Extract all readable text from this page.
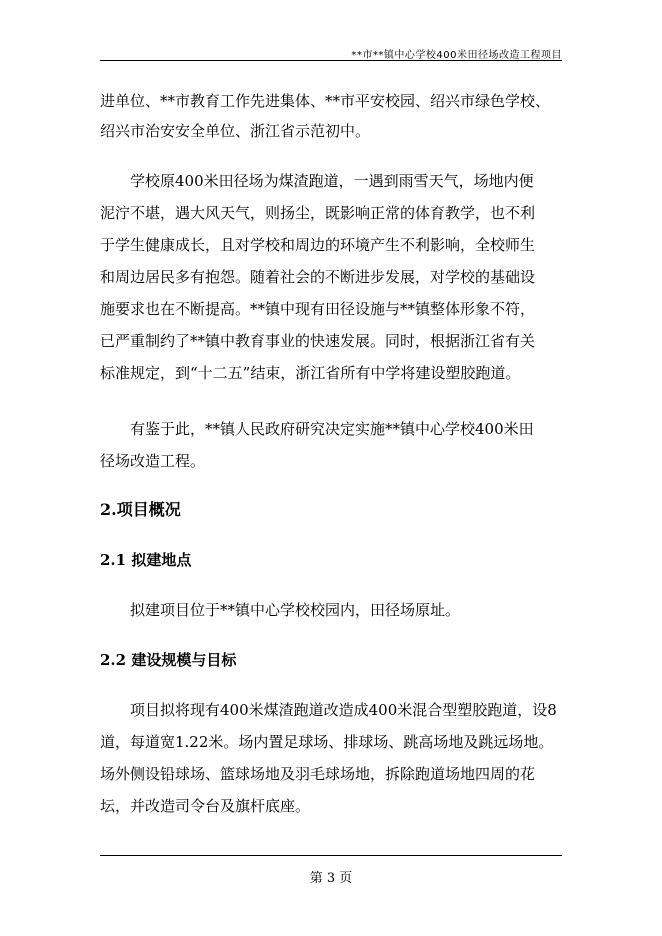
**市**镇中心学校400米田径场改造工程项目
进单位、**市教育工作先进集体、**市平安校园、绍兴市绿色学校、
绍兴市治安安全单位、浙江省示范初中。
学校原400米田径场为煤渣跑道，一遇到雨雪天气，场地内便
泥泞不堪，遇大风天气，则扬尘，既影响正常的体育教学，也不利
于学生健康成长，且对学校和周边的环境产生不利影响，全校师生
和周边居民多有抱怨。随着社会的不断进步发展，对学校的基础设
施要求也在不断提高。**镇中现有田径设施与**镇整体形象不符，
已严重制约了**镇中教育事业的快速发展。同时，根据浙江省有关
标准规定，到“十二五”结束，浙江省所有中学将建设塑胶跑道。
有鉴于此，**镇人民政府研究决定实施**镇中心学校400米田
径场改造工程。
2.项目概况
2.1 拟建地点
拟建项目位于**镇中心学校校园内，田径场原址。
2.2 建设规模与目标
项目拟将现有400米煤渣跑道改造成400米混合型塑胶跑道，设8
道，每道宽1.22米。场内置足球场、排球场、跳高场地及跳远场地。
场外侧设铅球场、篮球场地及羽毛球场地，拆除跑道场地四周的花
坛，并改造司令台及旗杆底座。
第 3 页
